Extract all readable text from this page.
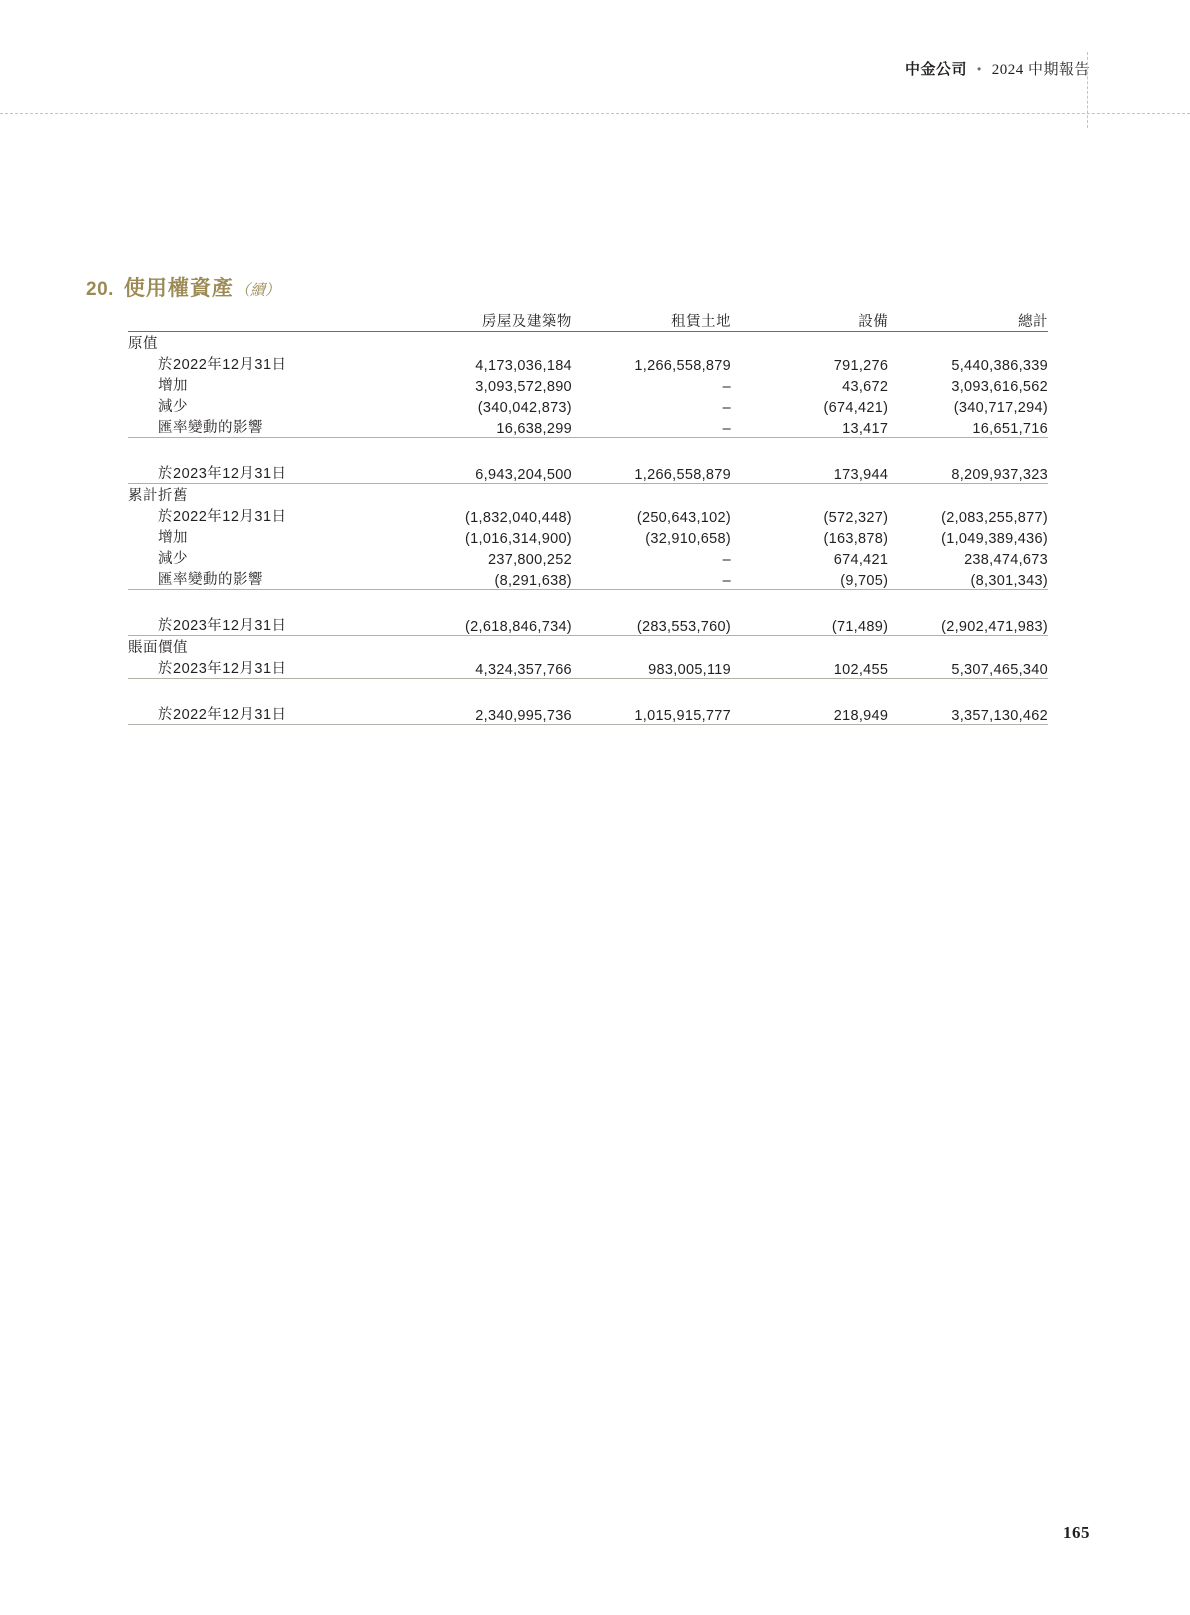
中金公司 • 2024 中期報告
20. 使用權資產 （續）
	房屋及建築物	租賃土地	設備	總計

原值				
於2022年12月31日	4,173,036,184	1,266,558,879	791,276	5,440,386,339
增加	3,093,572,890	–	43,672	3,093,616,562
減少	(340,042,873)	–	(674,421)	(340,717,294)
匯率變動的影響	16,638,299	–	13,417	16,651,716

於2023年12月31日	6,943,204,500	1,266,558,879	173,944	8,209,937,323

累計折舊				
於2022年12月31日	(1,832,040,448)	(250,643,102)	(572,327)	(2,083,255,877)
增加	(1,016,314,900)	(32,910,658)	(163,878)	(1,049,389,436)
減少	237,800,252	–	674,421	238,474,673
匯率變動的影響	(8,291,638)	–	(9,705)	(8,301,343)

於2023年12月31日	(2,618,846,734)	(283,553,760)	(71,489)	(2,902,471,983)

賬面價值				
於2023年12月31日	4,324,357,766	983,005,119	102,455	5,307,465,340

於2022年12月31日	2,340,995,736	1,015,915,777	218,949	3,357,130,462

165
